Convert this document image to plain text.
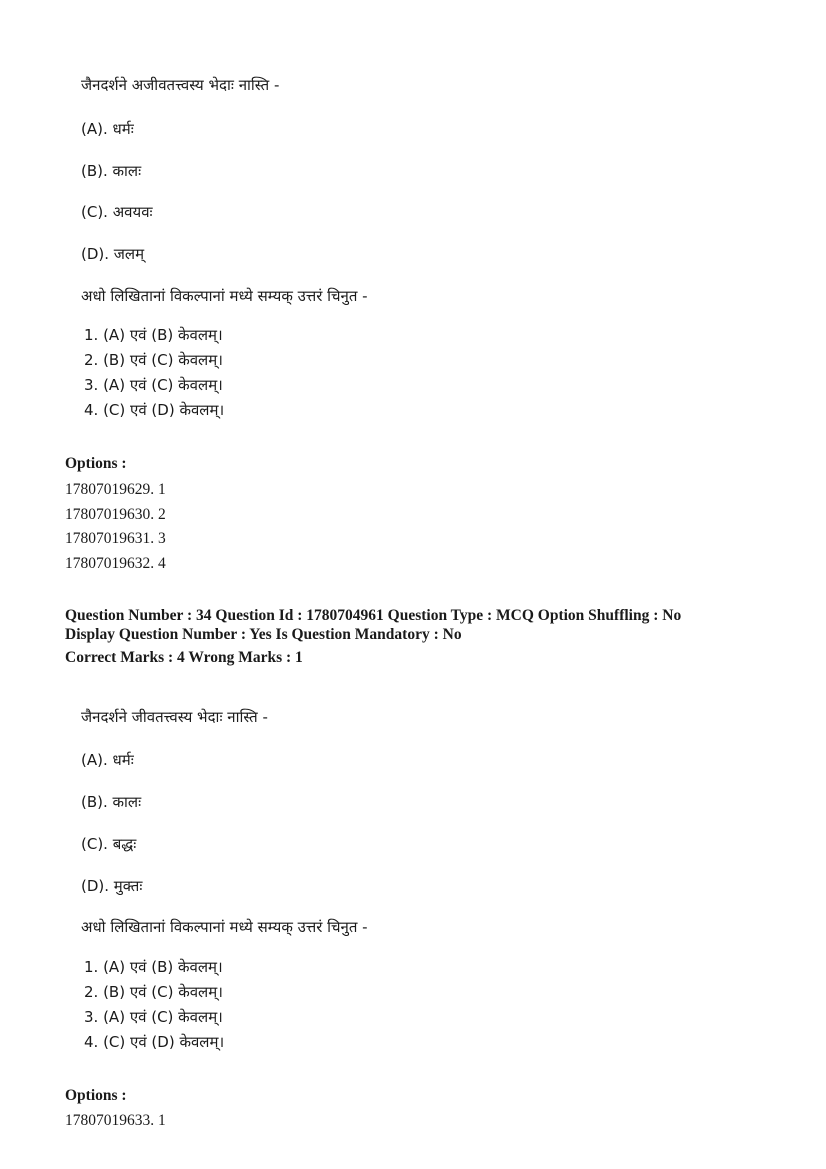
जैनदर्शने अजीवतत्त्वस्य भेदाः नास्ति -
(A). धर्मः
(B). कालः
(C). अवयवः
(D). जलम्
अधो लिखितानां विकल्पानां मध्ये सम्यक् उत्तरं चिनुत -
1. (A) एवं (B) केवलम्।
2. (B) एवं (C) केवलम्।
3. (A) एवं (C) केवलम्।
4. (C) एवं (D) केवलम्।
Options :
17807019629. 1
17807019630. 2
17807019631. 3
17807019632. 4
Question Number : 34 Question Id : 1780704961 Question Type : MCQ Option Shuffling : No
Display Question Number : Yes Is Question Mandatory : No
Correct Marks : 4 Wrong Marks : 1
जैनदर्शने जीवतत्त्वस्य भेदाः नास्ति -
(A). धर्मः
(B). कालः
(C). बद्धः
(D). मुक्तः
अधो लिखितानां विकल्पानां मध्ये सम्यक् उत्तरं चिनुत -
1. (A) एवं (B) केवलम्।
2. (B) एवं (C) केवलम्।
3. (A) एवं (C) केवलम्।
4. (C) एवं (D) केवलम्।
Options :
17807019633. 1
